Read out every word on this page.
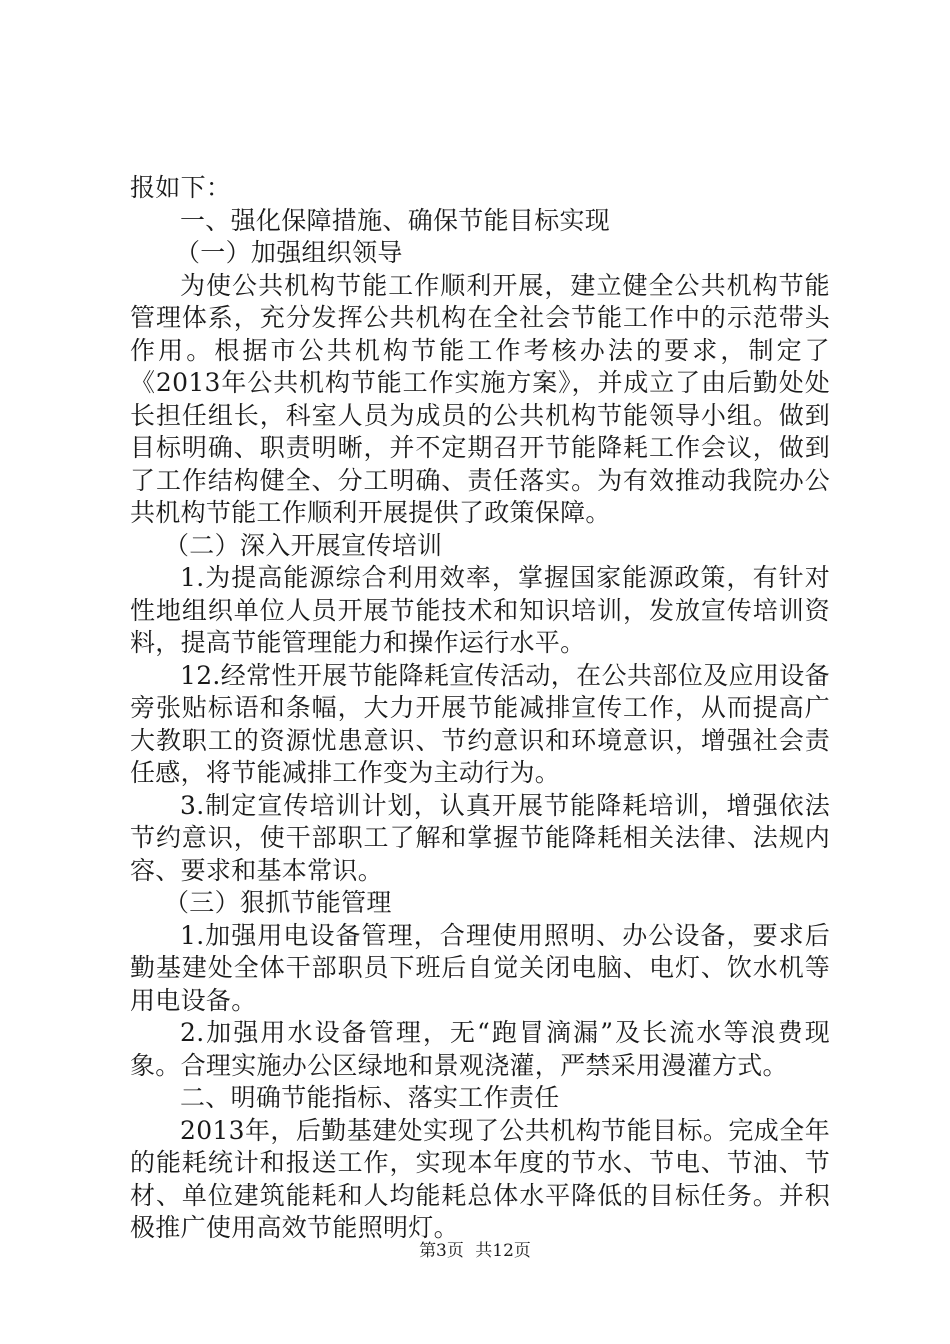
报如下：
一、强化保障措施、确保节能目标实现
（一）加强组织领导
为使公共机构节能工作顺利开展，建立健全公共机构节能
管理体系，充分发挥公共机构在全社会节能工作中的示范带头
作用。根据市公共机构节能工作考核办法的要求，制定了
《2013年公共机构节能工作实施方案》，并成立了由后勤处处
长担任组长，科室人员为成员的公共机构节能领导小组。做到
目标明确、职责明晰，并不定期召开节能降耗工作会议，做到
了工作结构健全、分工明确、责任落实。为有效推动我院办公
共机构节能工作顺利开展提供了政策保障。
（二）深入开展宣传培训
1.为提高能源综合利用效率，掌握国家能源政策，有针对
性地组织单位人员开展节能技术和知识培训，发放宣传培训资
料，提高节能管理能力和操作运行水平。
12.经常性开展节能降耗宣传活动，在公共部位及应用设备
旁张贴标语和条幅，大力开展节能减排宣传工作，从而提高广
大教职工的资源忧患意识、节约意识和环境意识，增强社会责
任感，将节能减排工作变为主动行为。
3.制定宣传培训计划，认真开展节能降耗培训，增强依法
节约意识，使干部职工了解和掌握节能降耗相关法律、法规内
容、要求和基本常识。
（三）狠抓节能管理
1.加强用电设备管理，合理使用照明、办公设备，要求后
勤基建处全体干部职员下班后自觉关闭电脑、电灯、饮水机等
用电设备。
2.加强用水设备管理，无“跑冒滴漏”及长流水等浪费现
象。合理实施办公区绿地和景观浇灌，严禁采用漫灌方式。
二、明确节能指标、落实工作责任
2013年，后勤基建处实现了公共机构节能目标。完成全年
的能耗统计和报送工作，实现本年度的节水、节电、节油、节
材、单位建筑能耗和人均能耗总体水平降低的目标任务。并积
极推广使用高效节能照明灯。
第3页 共12页
